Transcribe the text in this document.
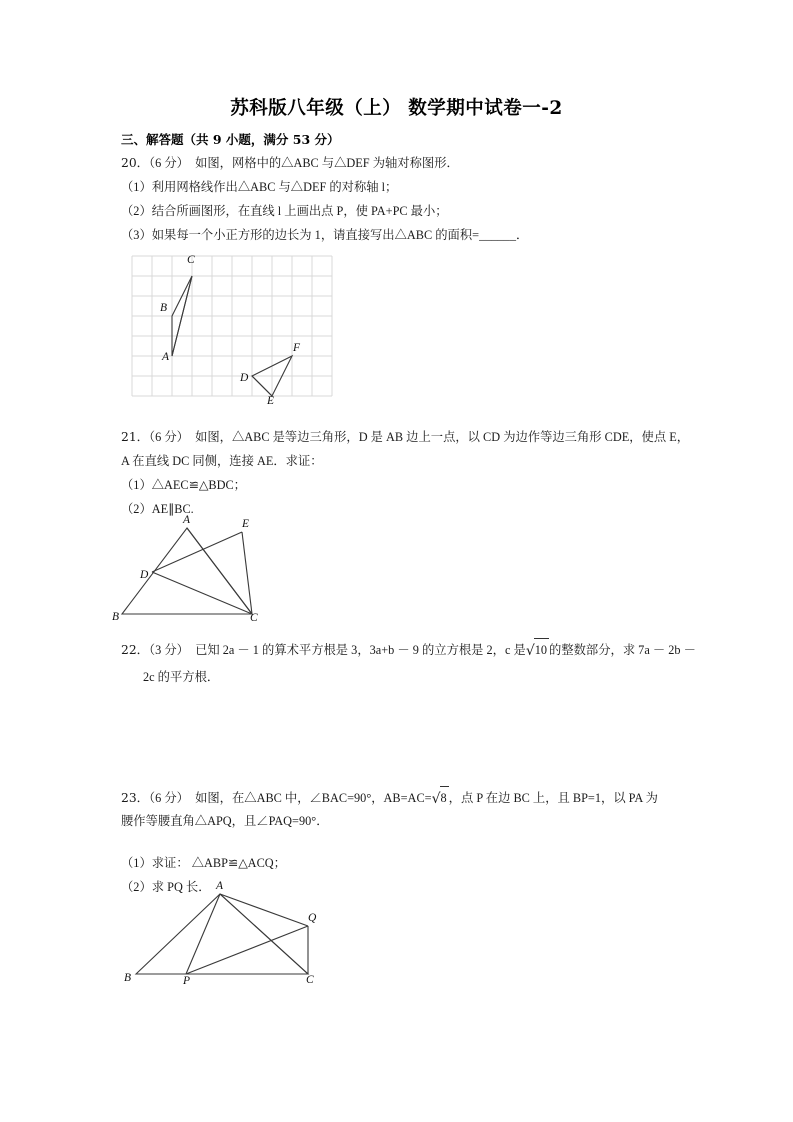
苏科版八年级（上） 数学期中试卷一-2
三、解答题（共 9 小题，满分 53 分）
20．（6 分） 如图，网格中的△ABC 与△DEF 为轴对称图形．
（1）利用网格线作出△ABC 与△DEF 的对称轴 l；
（2）结合所画图形，在直线 l 上画出点 P，使 PA+PC 最小；
（3）如果每一个小正方形的边长为 1，请直接写出△ABC 的面积=______．
C
B
A
F
D
E
21．（6 分） 如图，△ABC 是等边三角形，D 是 AB 边上一点，以 CD 为边作等边三角形 CDE，使点 E，
A 在直线 DC 同侧，连接 AE．求证：
（1）△AEC≌△BDC；
（2）AE∥BC.
A	E
D
B	C
22．（3 分） 已知 2a － 1 的算术平方根是 3，3a+b － 9 的立方根是 2，c 是√10 的整数部分，求 7a － 2b －
2c 的平方根．
23．（6 分） 如图，在△ABC 中，∠BAC=90°，AB=AC=√8 ，点 P 在边 BC 上，且 BP=1，以 PA 为
腰作等腰直角△APQ，且∠PAQ=90°．
（1）求证： △ABP≌△ACQ；
（2）求 PQ 长． A
Q
B	P	C
